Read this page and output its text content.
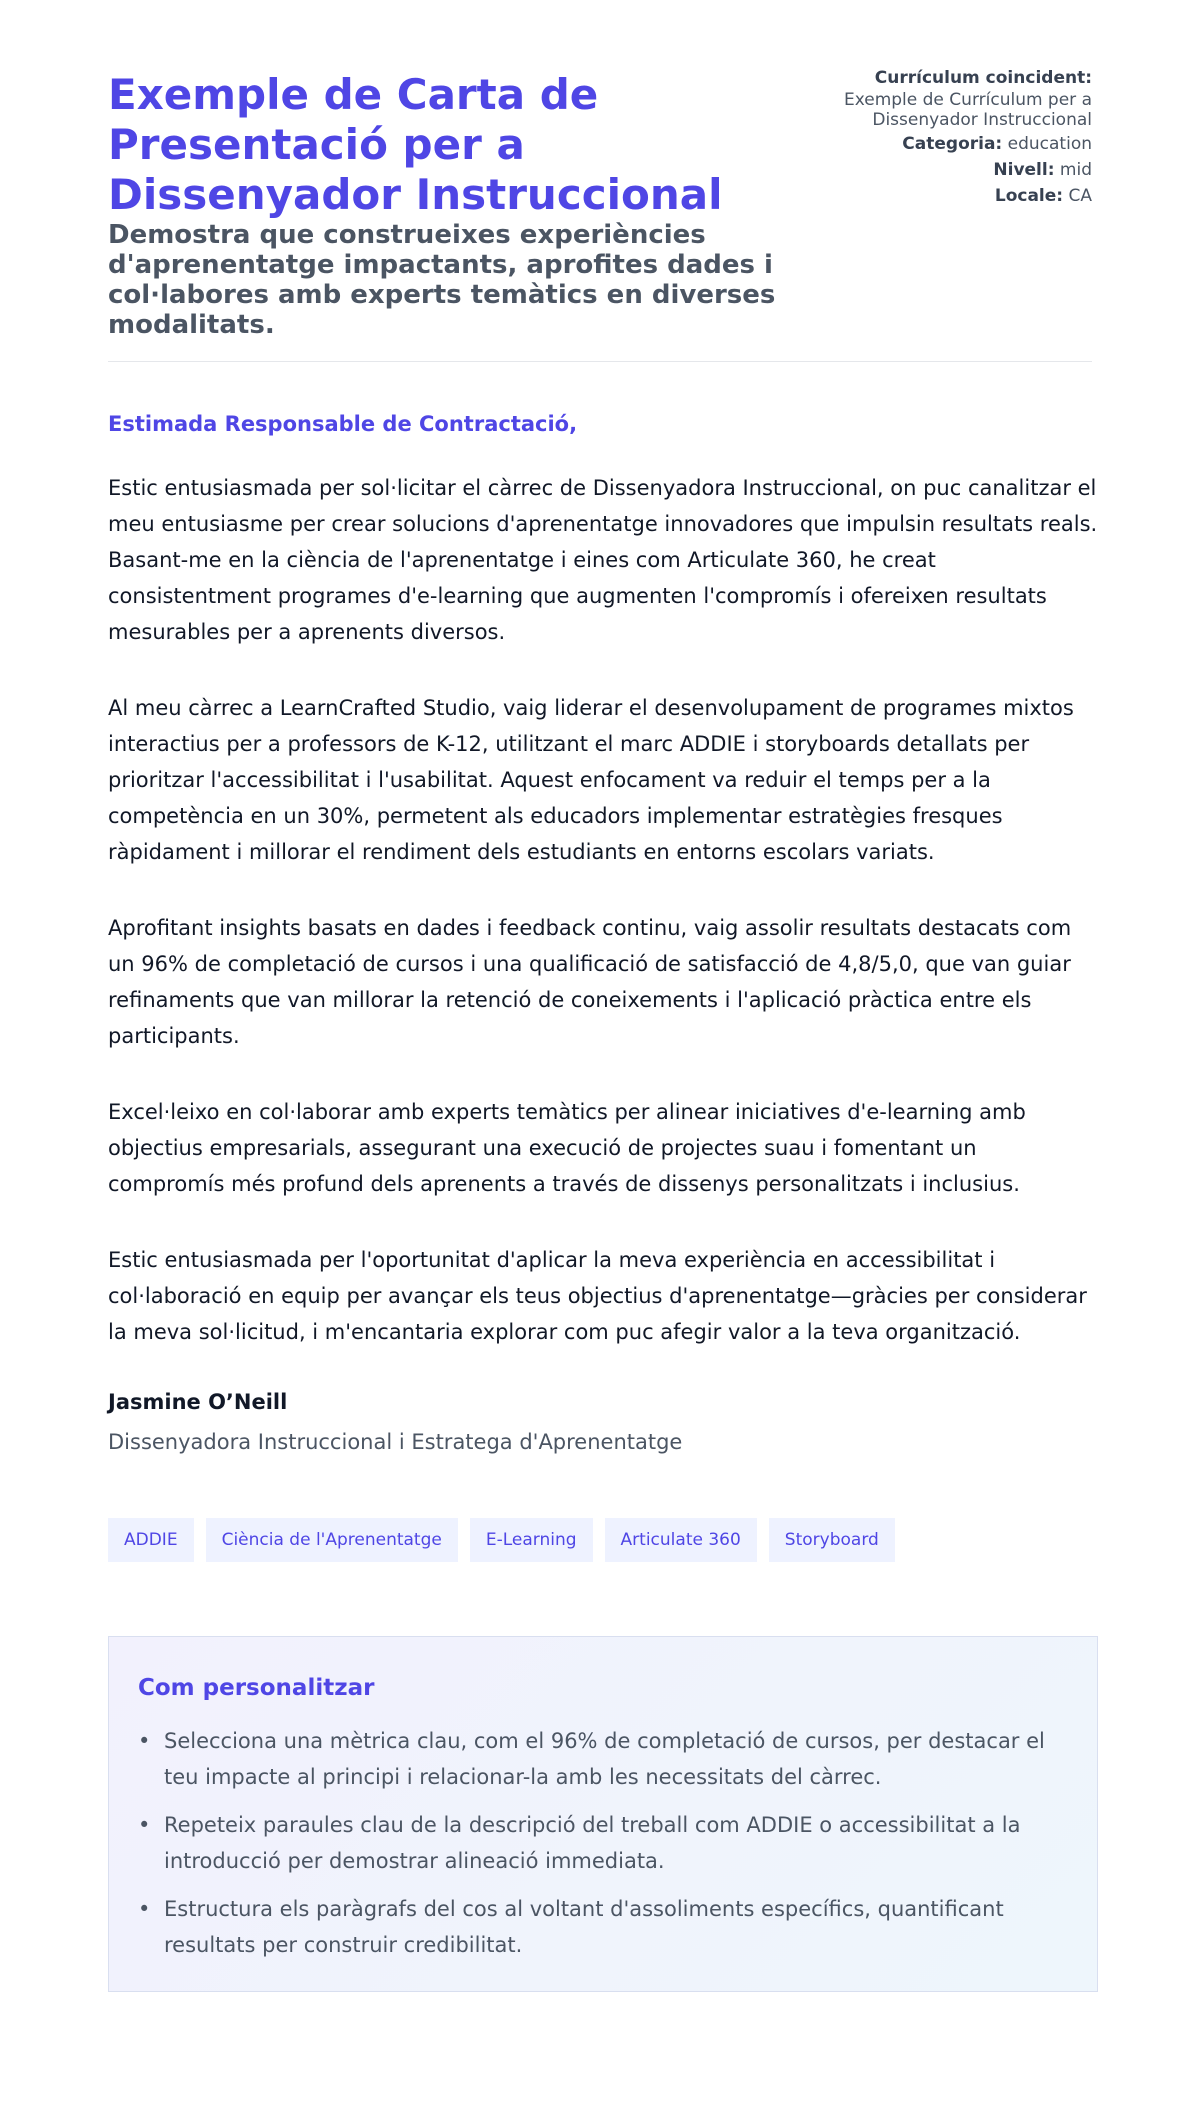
Exemple de Carta de Presentació per a Dissenyador Instruccional

Demostra que construeixes experiències d'aprenentatge impactants, aprofites dades i col·labores amb experts temàtics en diverses modalitats.

Currículum coincident:
Exemple de Currículum per a Dissenyador Instruccional
Categoria: education
Nivell: mid
Locale: CA

Estimada Responsable de Contractació,

Estic entusiasmada per sol·licitar el càrrec de Dissenyadora Instruccional, on puc canalitzar el meu entusiasme per crear solucions d'aprenentatge innovadores que impulsin resultats reals. Basant-me en la ciència de l'aprenentatge i eines com Articulate 360, he creat consistentment programes d'e-learning que augmenten l'compromís i ofereixen resultats mesurables per a aprenents diversos.

Al meu càrrec a LearnCrafted Studio, vaig liderar el desenvolupament de programes mixtos interactius per a professors de K-12, utilitzant el marc ADDIE i storyboards detallats per prioritzar l'accessibilitat i l'usabilitat. Aquest enfocament va reduir el temps per a la competència en un 30%, permetent als educadors implementar estratègies fresques ràpidament i millorar el rendiment dels estudiants en entorns escolars variats.

Aprofitant insights basats en dades i feedback continu, vaig assolir resultats destacats com un 96% de completació de cursos i una qualificació de satisfacció de 4,8/5,0, que van guiar refinaments que van millorar la retenció de coneixements i l'aplicació pràctica entre els participants.

Excel·leixo en col·laborar amb experts temàtics per alinear iniciatives d'e-learning amb objectius empresarials, assegurant una execució de projectes suau i fomentant un compromís més profund dels aprenents a través de dissenys personalitzats i inclusius.

Estic entusiasmada per l'oportunitat d'aplicar la meva experiència en accessibilitat i col·laboració en equip per avançar els teus objectius d'aprenentatge—gràcies per considerar la meva sol·licitud, i m'encantaria explorar com puc afegir valor a la teva organització.

Jasmine O’Neill
Dissenyadora Instruccional i Estratega d'Aprenentatge
ADDIE	Ciència de l'Aprenentatge	E-Learning	Articulate 360	Storyboard
Com personalitzar
• Selecciona una mètrica clau, com el 96% de completació de cursos, per destacar el teu impacte al principi i relacionar-la amb les necessitats del càrrec.
• Repeteix paraules clau de la descripció del treball com ADDIE o accessibilitat a la introducció per demostrar alineació immediata.
• Estructura els paràgrafs del cos al voltant d'assoliments específics, quantificant resultats per construir credibilitat.
